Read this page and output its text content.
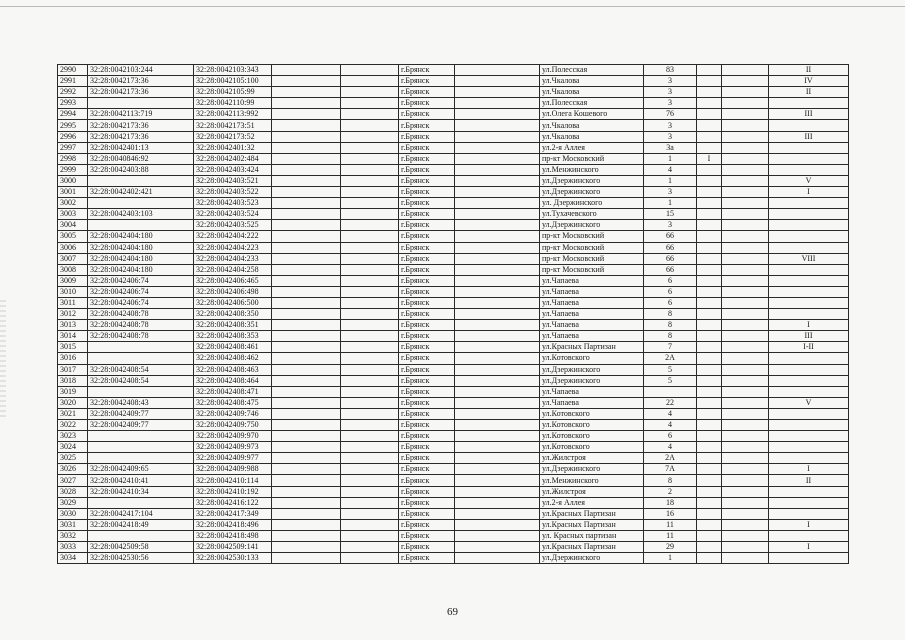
2990	32:28:0042103:244	32:28:0042103:343			г.Брянск		ул.Полесская	83			II
2991	32:28:0042173:36	32:28:0042105:100			г.Брянск		ул.Чкалова	3			IV
2992	32:28:0042173:36	32:28:0042105:99			г.Брянск		ул.Чкалова	3			II
2993		32:28:0042110:99			г.Брянск		ул.Полесская	3			
2994	32:28:0042113:719	32:28:0042113:992			г.Брянск		ул.Олега Кошевого	76			III
2995	32:28:0042173:36	32:28:0042173:51			г.Брянск		ул.Чкалова	3			
2996	32:28:0042173:36	32:28:0042173:52			г.Брянск		ул.Чкалова	3			III
2997	32:28:0042401:13	32:28:0042401:32			г.Брянск		ул.2-я Аллея	3а			
2998	32:28:0040846:92	32:28:0042402:484			г.Брянск		пр-кт Московский	1	I		
2999	32:28:0042403:88	32:28:0042403:424			г.Брянск		ул.Менжинского	4			
3000		32:28:0042403:521			г.Брянск		ул.Дзержинского	1			V
3001	32:28:0042402:421	32:28:0042403:522			г.Брянск		ул.Дзержинского	3			I
3002		32:28:0042403:523			г.Брянск		ул. Дзержинского	1			
3003	32:28:0042403:103	32:28:0042403:524			г.Брянск		ул.Тухачевского	15			
3004		32:28:0042403:525			г.Брянск		ул.Дзержинского	3			
3005	32:28:0042404:180	32:28:0042404:222			г.Брянск		пр-кт Московский	66			
3006	32:28:0042404:180	32:28:0042404:223			г.Брянск		пр-кт Московский	66			
3007	32:28:0042404:180	32:28:0042404:233			г.Брянск		пр-кт Московский	66			VIII
3008	32:28:0042404:180	32:28:0042404:258			г.Брянск		пр-кт Московский	66			
3009	32:28:0042406:74	32:28:0042406:465			г.Брянск		ул.Чапаева	6			
3010	32:28:0042406:74	32:28:0042406:498			г.Брянск		ул.Чапаева	6			
3011	32:28:0042406:74	32:28:0042406:500			г.Брянск		ул.Чапаева	6			
3012	32:28:0042408:78	32:28:0042408:350			г.Брянск		ул.Чапаева	8			
3013	32:28:0042408:78	32:28:0042408:351			г.Брянск		ул.Чапаева	8			I
3014	32:28:0042408:78	32:28:0042408:353			г.Брянск		ул.Чапаева	8			III
3015		32:28:0042408:461			г.Брянск		ул.Красных Партизан	7			I-II
3016		32:28:0042408:462			г.Брянск		ул.Котовского	2А			
3017	32:28:0042408:54	32:28:0042408:463			г.Брянск		ул.Дзержинского	5			
3018	32:28:0042408:54	32:28:0042408:464			г.Брянск		ул.Дзержинского	5			
3019		32:28:0042408:471			г.Брянск		ул.Чапаева				
3020	32:28:0042408:43	32:28:0042408:475			г.Брянск		ул.Чапаева	22			V
3021	32:28:0042409:77	32:28:0042409:746			г.Брянск		ул.Котовского	4			
3022	32:28:0042409:77	32:28:0042409:750			г.Брянск		ул.Котовского	4			
3023		32:28:0042409:970			г.Брянск		ул.Котовского	6			
3024		32:28:0042409:973			г.Брянск		ул.Котовского	4			
3025		32:28:0042409:977			г.Брянск		ул.Жилстроя	2А			
3026	32:28:0042409:65	32:28:0042409:988			г.Брянск		ул.Дзержинского	7А			I
3027	32:28:0042410:41	32:28:0042410:114			г.Брянск		ул.Менжинского	8			II
3028	32:28:0042410:34	32:28:0042410:192			г.Брянск		ул.Жилстроя	2			
3029		32:28:0042416:122			г.Брянск		ул.2-я Аллея	18			
3030	32:28:0042417:104	32:28:0042417:349			г.Брянск		ул.Красных Партизан	16			
3031	32:28:0042418:49	32:28:0042418:496			г.Брянск		ул.Красных Партизан	11			I
3032		32:28:0042418:498			г.Брянск		ул. Красных партизан	11			
3033	32:28:0042509:58	32:28:0042509:141			г.Брянск		ул.Красных Партизан	29			I
3034	32:28:0042530:56	32:28:0042530:133			г.Брянск		ул.Дзержинского	1			
69
